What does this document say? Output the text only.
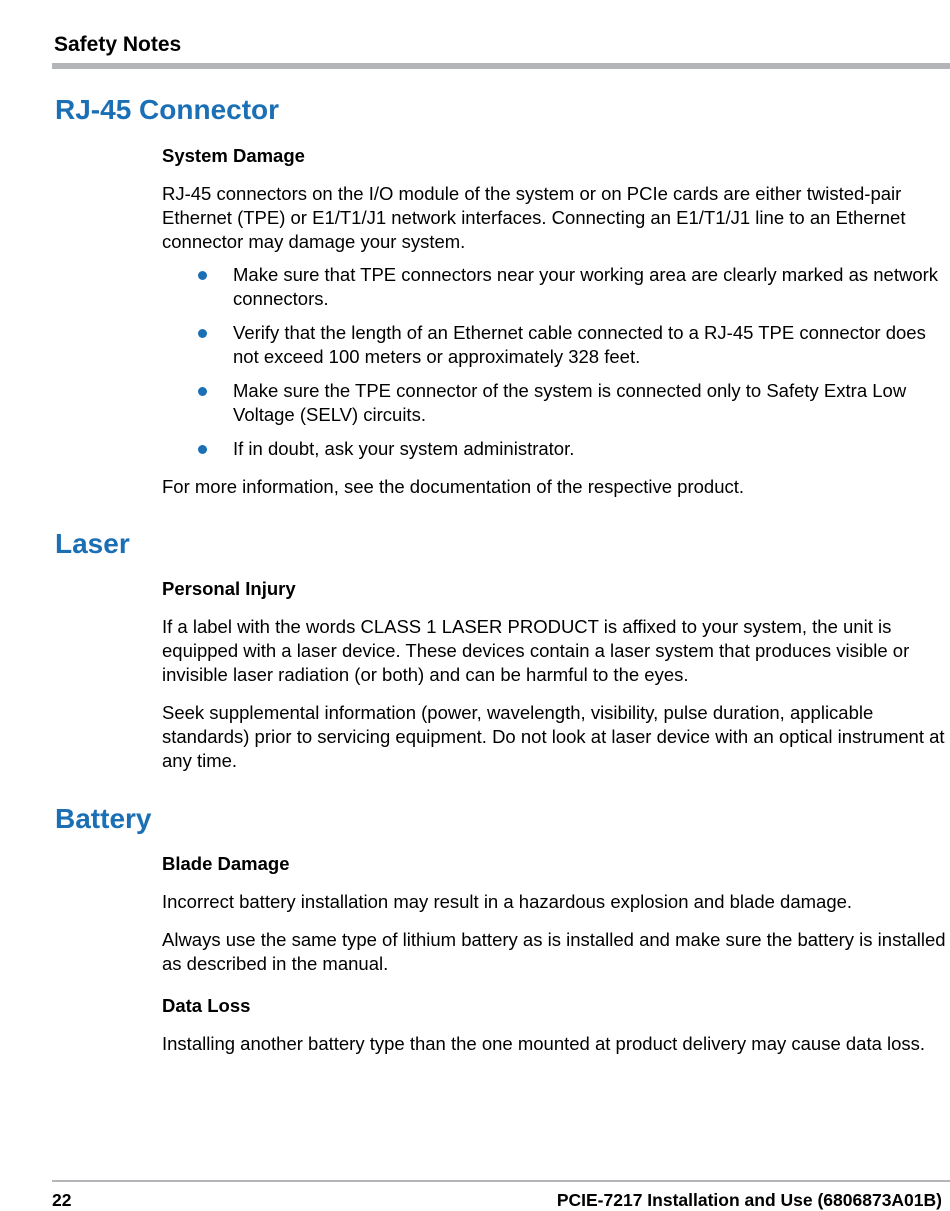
Safety Notes
RJ-45 Connector

System Damage

RJ-45 connectors on the I/O module of the system or on PCIe cards are either twisted-pair Ethernet (TPE) or E1/T1/J1 network interfaces. Connecting an E1/T1/J1 line to an Ethernet connector may damage your system.

Make sure that TPE connectors near your working area are clearly marked as network connectors.
Verify that the length of an Ethernet cable connected to a RJ-45 TPE connector does not exceed 100 meters or approximately 328 feet.
Make sure the TPE connector of the system is connected only to Safety Extra Low Voltage (SELV) circuits.
If in doubt, ask your system administrator.

For more information, see the documentation of the respective product.

Laser

Personal Injury

If a label with the words CLASS 1 LASER PRODUCT is affixed to your system, the unit is equipped with a laser device. These devices contain a laser system that produces visible or invisible laser radiation (or both) and can be harmful to the eyes.

Seek supplemental information (power, wavelength, visibility, pulse duration, applicable standards) prior to servicing equipment. Do not look at laser device with an optical instrument at any time.

Battery

Blade Damage

Incorrect battery installation may result in a hazardous explosion and blade damage.

Always use the same type of lithium battery as is installed and make sure the battery is installed as described in the manual.

Data Loss

Installing another battery type than the one mounted at product delivery may cause data loss.

22	PCIE-7217 Installation and Use (6806873A01B)
